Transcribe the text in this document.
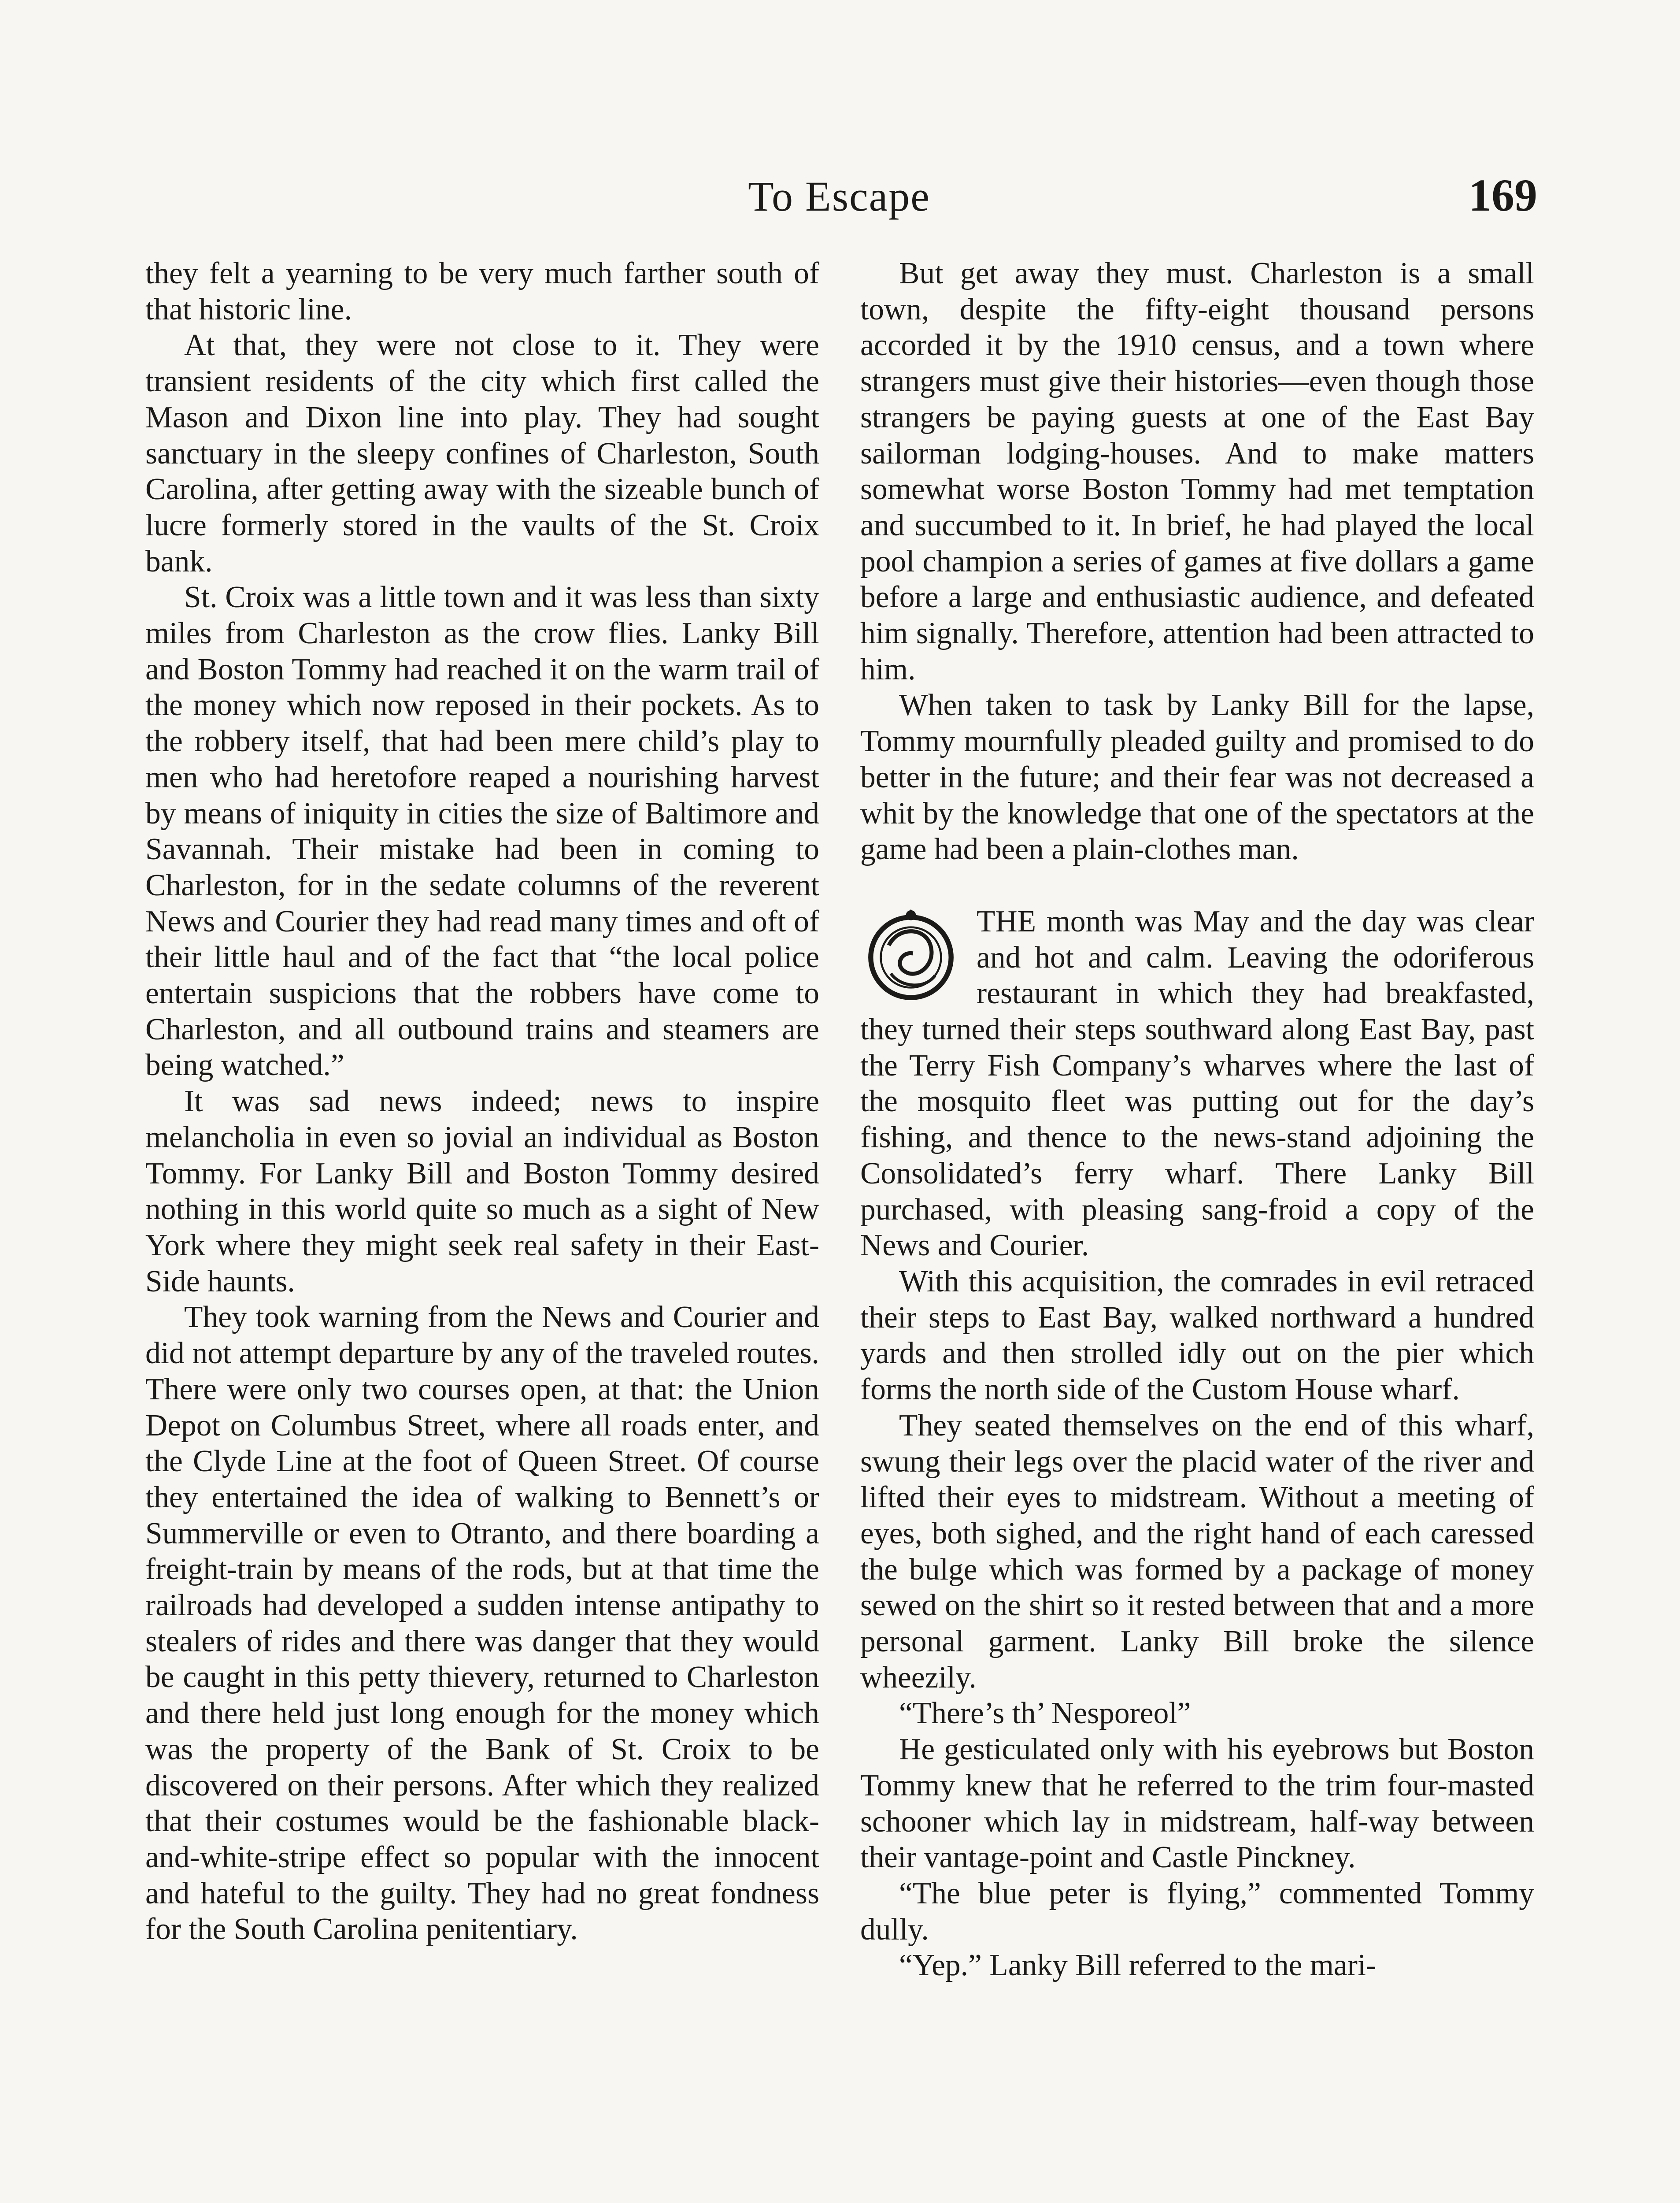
To Escape	169

they felt a yearning to be very much farther south of that historic line.

At that, they were not close to it. They were transient residents of the city which first called the Mason and Dixon line into play. They had sought sanctuary in the sleepy confines of Charleston, South Carolina, after getting away with the sizeable bunch of lucre formerly stored in the vaults of the St. Croix bank.

St. Croix was a little town and it was less than sixty miles from Charleston as the crow flies. Lanky Bill and Boston Tommy had reached it on the warm trail of the money which now reposed in their pockets. As to the robbery itself, that had been mere child’s play to men who had heretofore reaped a nourishing harvest by means of iniquity in cities the size of Baltimore and Savannah. Their mistake had been in coming to Charleston, for in the sedate columns of the reverent News and Courier they had read many times and oft of their little haul and of the fact that “the local police entertain suspicions that the robbers have come to Charleston, and all outbound trains and steamers are being watched.”

It was sad news indeed; news to inspire melancholia in even so jovial an individual as Boston Tommy. For Lanky Bill and Boston Tommy desired nothing in this world quite so much as a sight of New York where they might seek real safety in their East-Side haunts.

They took warning from the News and Courier and did not attempt departure by any of the traveled routes. There were only two courses open, at that: the Union Depot on Columbus Street, where all roads enter, and the Clyde Line at the foot of Queen Street. Of course they entertained the idea of walking to Bennett’s or Summerville or even to Otranto, and there boarding a freight-train by means of the rods, but at that time the railroads had developed a sudden intense antipathy to stealers of rides and there was danger that they would be caught in this petty thievery, returned to Charleston and there held just long enough for the money which was the property of the Bank of St. Croix to be discovered on their persons. After which they realized that their costumes would be the fashionable black-and-white-stripe effect so popular with the innocent and hateful to the guilty. They had no great fondness for the South Carolina penitentiary.

But get away they must. Charleston is a small town, despite the fifty-eight thousand persons accorded it by the 1910 census, and a town where strangers must give their histories—even though those strangers be paying guests at one of the East Bay sailorman lodging-houses. And to make matters somewhat worse Boston Tommy had met temptation and succumbed to it. In brief, he had played the local pool champion a series of games at five dollars a game before a large and enthusiastic audience, and defeated him signally. Therefore, attention had been attracted to him.

When taken to task by Lanky Bill for the lapse, Tommy mournfully pleaded guilty and promised to do better in the future; and their fear was not decreased a whit by the knowledge that one of the spectators at the game had been a plain-clothes man.

THE month was May and the day was clear and hot and calm. Leaving the odoriferous restaurant in which they had breakfasted, they turned their steps southward along East Bay, past the Terry Fish Company’s wharves where the last of the mosquito fleet was putting out for the day’s fishing, and thence to the news-stand adjoining the Consolidated’s ferry wharf. There Lanky Bill purchased, with pleasing sang-froid a copy of the News and Courier.

With this acquisition, the comrades in evil retraced their steps to East Bay, walked northward a hundred yards and then strolled idly out on the pier which forms the north side of the Custom House wharf.

They seated themselves on the end of this wharf, swung their legs over the placid water of the river and lifted their eyes to midstream. Without a meeting of eyes, both sighed, and the right hand of each caressed the bulge which was formed by a package of money sewed on the shirt so it rested between that and a more personal garment. Lanky Bill broke the silence wheezily.

“There’s th’ Nesporeol”

He gesticulated only with his eyebrows but Boston Tommy knew that he referred to the trim four-masted schooner which lay in midstream, half-way between their vantage-point and Castle Pinckney.

“The blue peter is flying,” commented Tommy dully.

“Yep.” Lanky Bill referred to the mari-
